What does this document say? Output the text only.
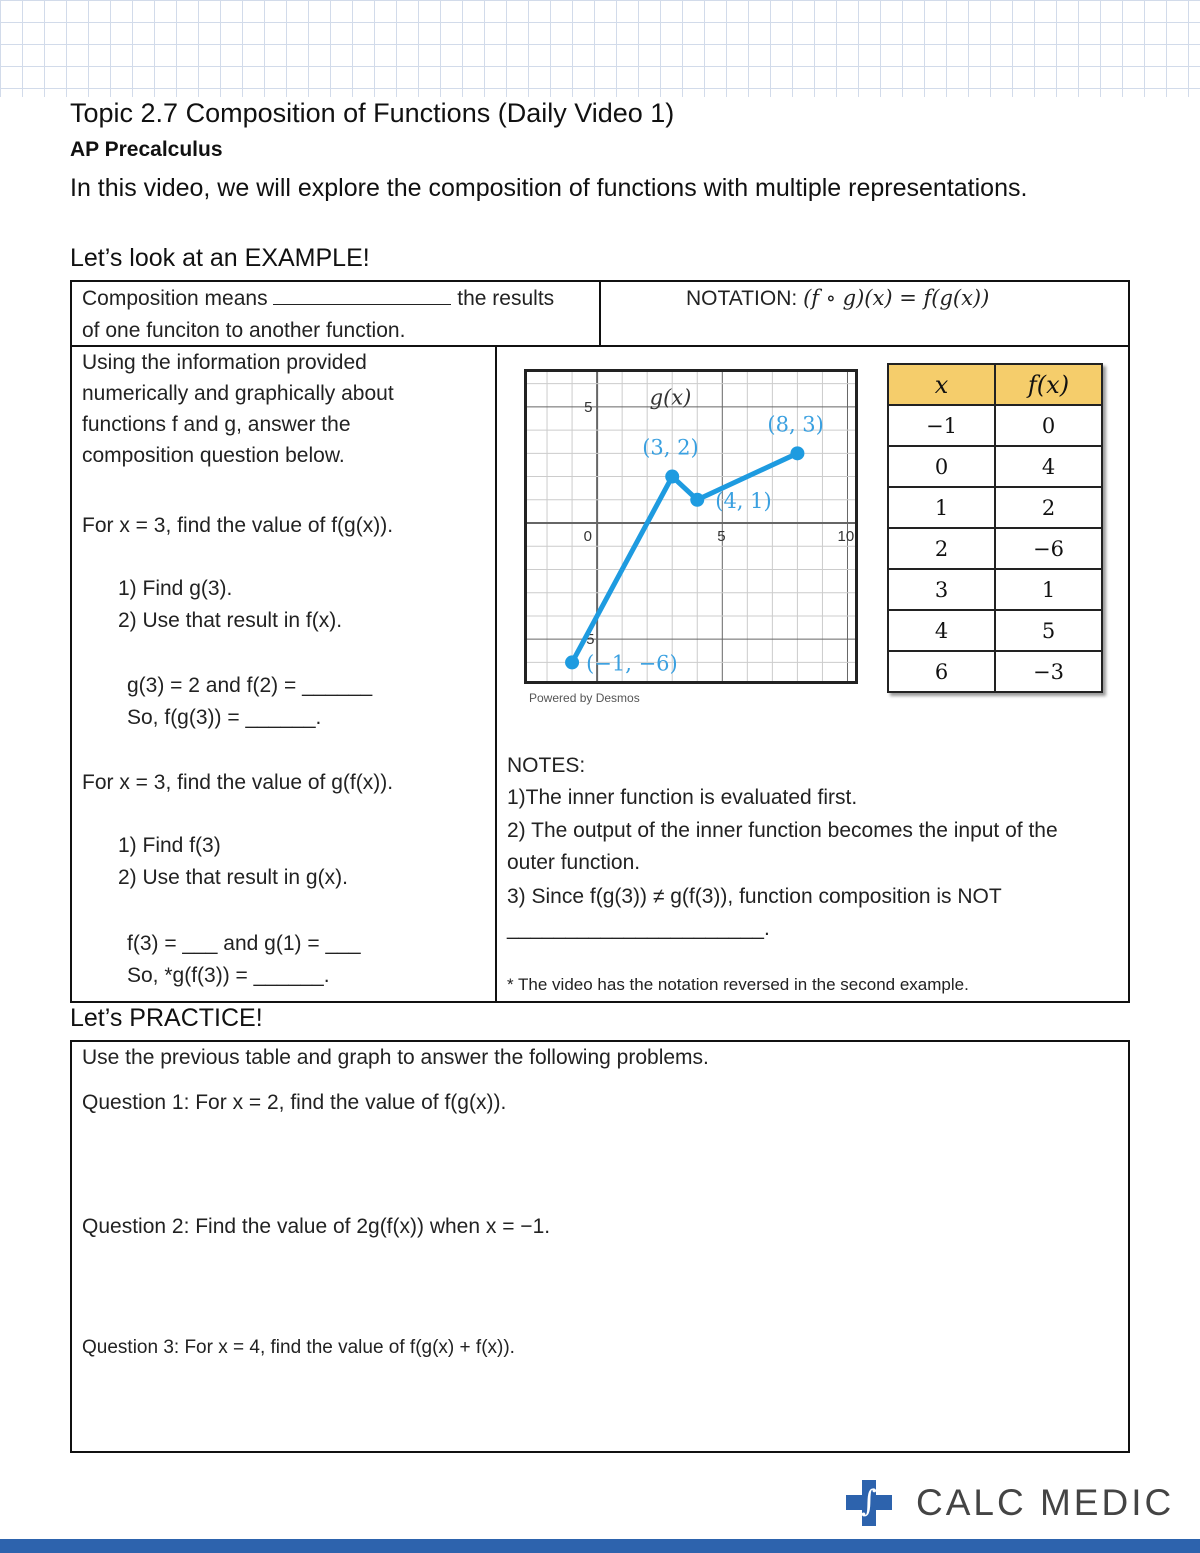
Topic 2.7 Composition of Functions (Daily Video 1)
AP Precalculus
In this video, we will explore the composition of functions with multiple representations.
Let’s look at an EXAMPLE!
Composition means	the results
of one funciton to another function.
NOTATION: (f ∘ g)(x) = f(g(x))
Using the information provided numerically and graphically about functions f and g, answer the composition question below.
For x = 3, find the value of f(g(x)).
1) Find g(3).
2) Use that result in f(x).
g(3) = 2 and f(2) = ______
So, f(g(3)) = ______.
For x = 3, find the value of g(f(x)).
1) Find f(3)
2) Use that result in g(x).
f(3) = ___ and g(1) = ___
So, *g(f(3)) = ______.
NOTES:
1)The inner function is evaluated first.
2) The output of the inner function becomes the input of the outer function.
3) Since f(g(3)) ≠ g(f(3)), function composition is NOT
______________________.
* The video has the notation reversed in the second example.
0	5	10
5
-5
g(x)
(−1, −6)
(3, 2)
(4, 1)
(8, 3)
Powered by Desmos
x	f(x)
−1	0
0	4
1	2
2	−6
3	1
4	5
6	−3
Let’s PRACTICE!
Use the previous table and graph to answer the following problems.
Question 1: For x = 2, find the value of f(g(x)).
Question 2: Find the value of 2g(f(x)) when x = −1.
Question 3: For x = 4, find the value of f(g(x) + f(x)).
∫ CALC MEDIC
